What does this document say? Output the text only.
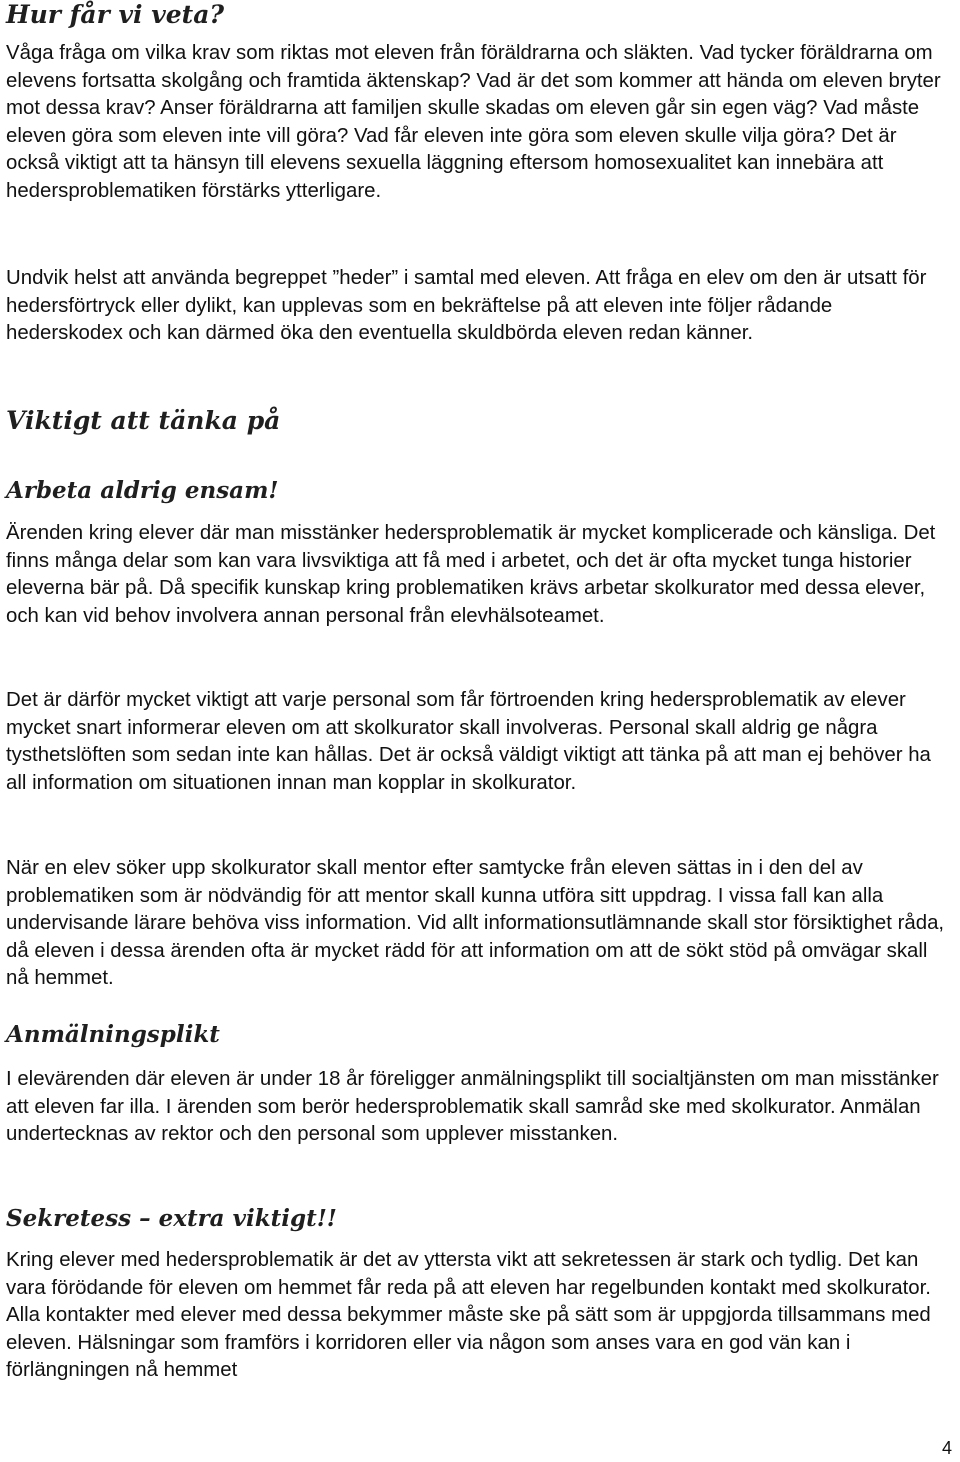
Hur får vi veta?

Våga fråga om vilka krav som riktas mot eleven från föräldrarna och släkten. Vad tycker föräldrarna om elevens fortsatta skolgång och framtida äktenskap? Vad är det som kommer att hända om eleven bryter mot dessa krav? Anser föräldrarna att familjen skulle skadas om eleven går sin egen väg? Vad måste eleven göra som eleven inte vill göra? Vad får eleven inte göra som eleven skulle vilja göra? Det är också viktigt att ta hänsyn till elevens sexuella läggning eftersom homosexualitet kan innebära att hedersproblematiken förstärks ytterligare.

Undvik helst att använda begreppet ”heder” i samtal med eleven. Att fråga en elev om den är utsatt för hedersförtryck eller dylikt, kan upplevas som en bekräftelse på att eleven inte följer rådande hederskodex och kan därmed öka den eventuella skuldbörda eleven redan känner.

Viktigt att tänka på
Arbeta aldrig ensam!

Ärenden kring elever där man misstänker hedersproblematik är mycket komplicerade och känsliga. Det finns många delar som kan vara livsviktiga att få med i arbetet, och det är ofta mycket tunga historier eleverna bär på. Då specifik kunskap kring problematiken krävs arbetar skolkurator med dessa elever, och kan vid behov involvera annan personal från elevhälsoteamet.

Det är därför mycket viktigt att varje personal som får förtroenden kring hedersproblematik av elever mycket snart informerar eleven om att skolkurator skall involveras. Personal skall aldrig ge några tysthetslöften som sedan inte kan hållas. Det är också väldigt viktigt att tänka på att man ej behöver ha all information om situationen innan man kopplar in skolkurator.

När en elev söker upp skolkurator skall mentor efter samtycke från eleven sättas in i den del av problematiken som är nödvändig för att mentor skall kunna utföra sitt uppdrag. I vissa fall kan alla undervisande lärare behöva viss information. Vid allt informationsutlämnande skall stor försiktighet råda, då eleven i dessa ärenden ofta är mycket rädd för att information om att de sökt stöd på omvägar skall nå hemmet.

Anmälningsplikt

I elevärenden där eleven är under 18 år föreligger anmälningsplikt till socialtjänsten om man misstänker att eleven far illa. I ärenden som berör hedersproblematik skall samråd ske med skolkurator. Anmälan undertecknas av rektor och den personal som upplever misstanken.

Sekretess – extra viktigt!!

Kring elever med hedersproblematik är det av yttersta vikt att sekretessen är stark och tydlig. Det kan vara förödande för eleven om hemmet får reda på att eleven har regelbunden kontakt med skolkurator. Alla kontakter med elever med dessa bekymmer måste ske på sätt som är uppgjorda tillsammans med eleven. Hälsningar som framförs i korridoren eller via någon som anses vara en god vän kan i förlängningen nå hemmet

4
